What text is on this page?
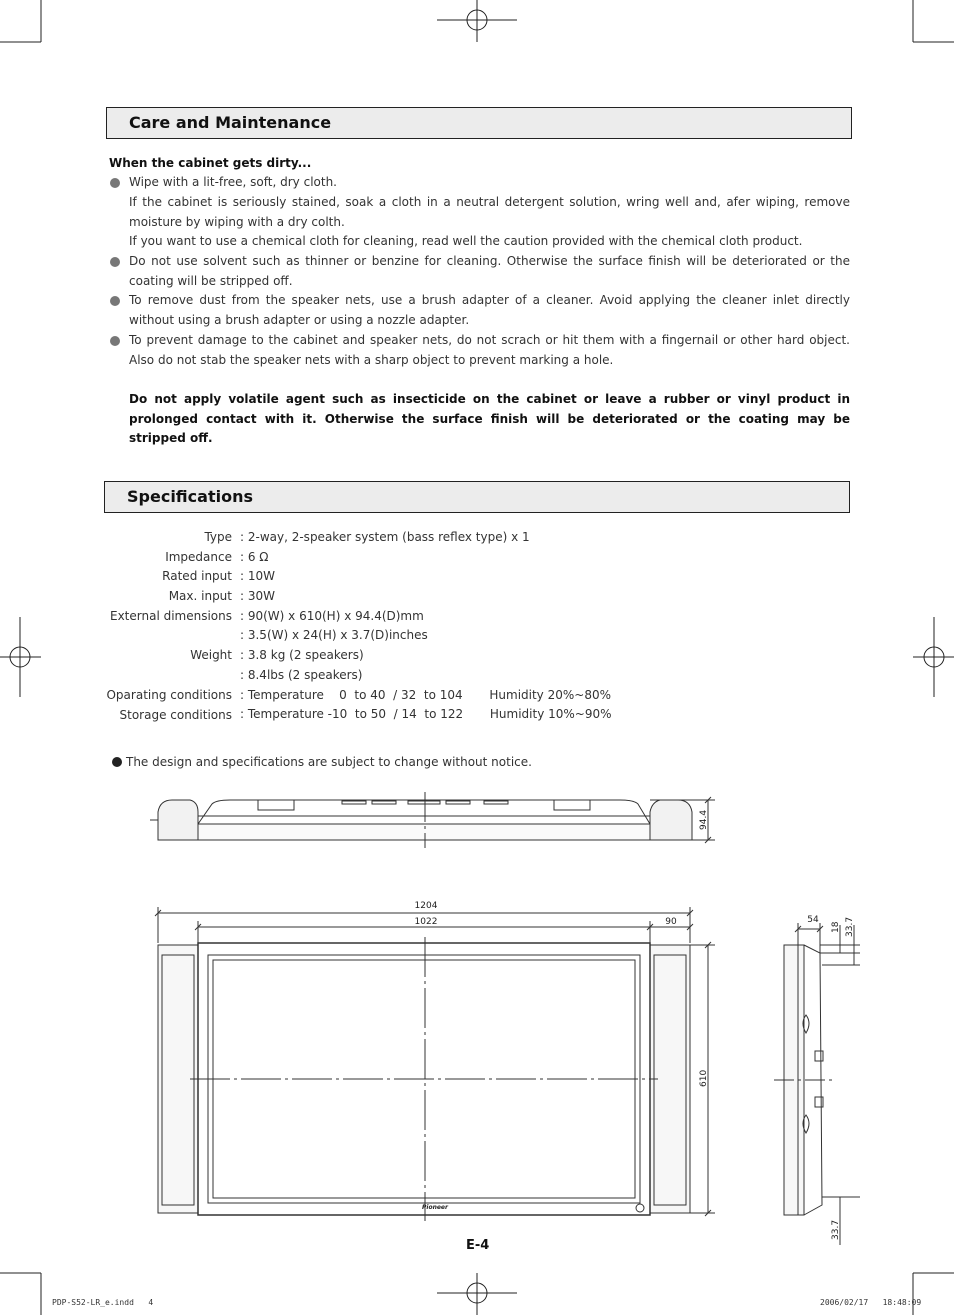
Care and Maintenance
When the cabinet gets dirty...
Wipe with a lit-free, soft, dry cloth.
If the cabinet is seriously stained, soak a cloth in a neutral detergent solution, wring well and, afer wiping, remove moisture by wiping with a dry colth.
If you want to use a chemical cloth for cleaning, read well the caution provided with the chemical cloth product.
Do not use solvent such as thinner or benzine for cleaning. Otherwise the surface finish will be deteriorated or the coating will be stripped off.
To remove dust from the speaker nets, use a brush adapter of a cleaner. Avoid applying the cleaner inlet directly without using a brush adapter or using a nozzle adapter.
To prevent damage to the cabinet and speaker nets, do not scrach or hit them with a fingernail or other hard object. Also do not stab the speaker nets with a sharp object to prevent marking a hole.
Do not apply volatile agent such as insecticide on the cabinet or leave a rubber or vinyl product in prolonged contact with it. Otherwise the surface finish will be deteriorated or the coating may be stripped off.
Specifications
Type : 2-way, 2-speaker system (bass reflex type) x 1
Impedance : 6 Ω
Rated input : 10W
Max. input : 30W
External dimensions : 90(W) x 610(H) x 94.4(D)mm
: 3.5(W) x 24(H) x 3.7(D)inches
Weight : 3.8 kg (2 speakers)
: 8.4lbs (2 speakers)
Oparating conditions : Temperature    0  to 40  / 32  to 104       Humidity 20%~80%
Storage conditions : Temperature -10  to 50  / 14  to 122       Humidity 10%~90%
The design and specifications are subject to change without notice.
94.4
1204
1022	90
610
Pioneer
54
18 33.7
33.7
E-4
PDP-S52-LR_e.indd   4	2006/02/17   18:48:09
